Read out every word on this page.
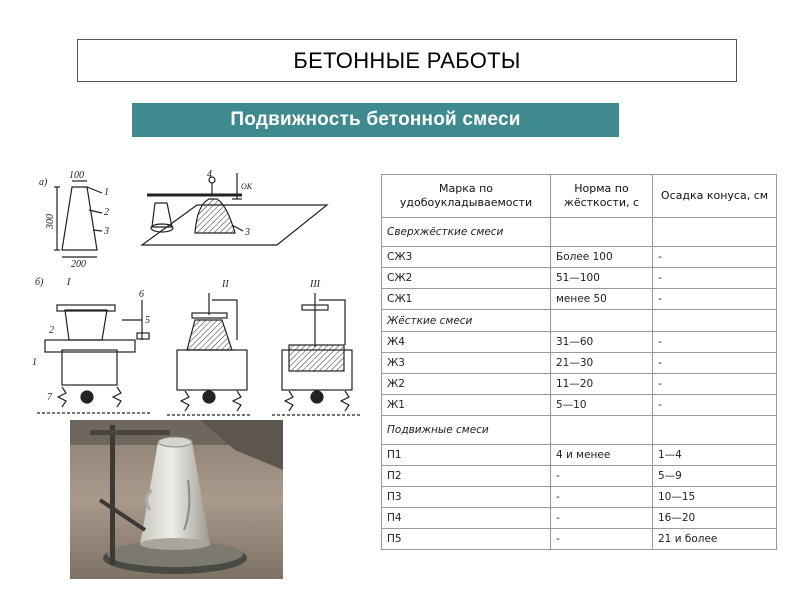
БЕТОННЫЕ РАБОТЫ
Подвижность бетонной смеси
а)
300
100
200
1
2
3
ОК
3
4
б) I	II	III
2
1
5
6
7
Марка по удобоукладываемости	Норма по жёсткости, с	Осадка конуса, см
Сверхжёсткие смеси		
СЖ3	Более 100	-
СЖ2	51—100	-
СЖ1	менее 50	-
Жёсткие смеси		
Ж4	31—60	-
Ж3	21—30	-
Ж2	11—20	-
Ж1	5—10	-
Подвижные смеси		
П1	4 и менее	1—4
П2	-	5—9
П3	-	10—15
П4	-	16—20
П5	-	21 и более
